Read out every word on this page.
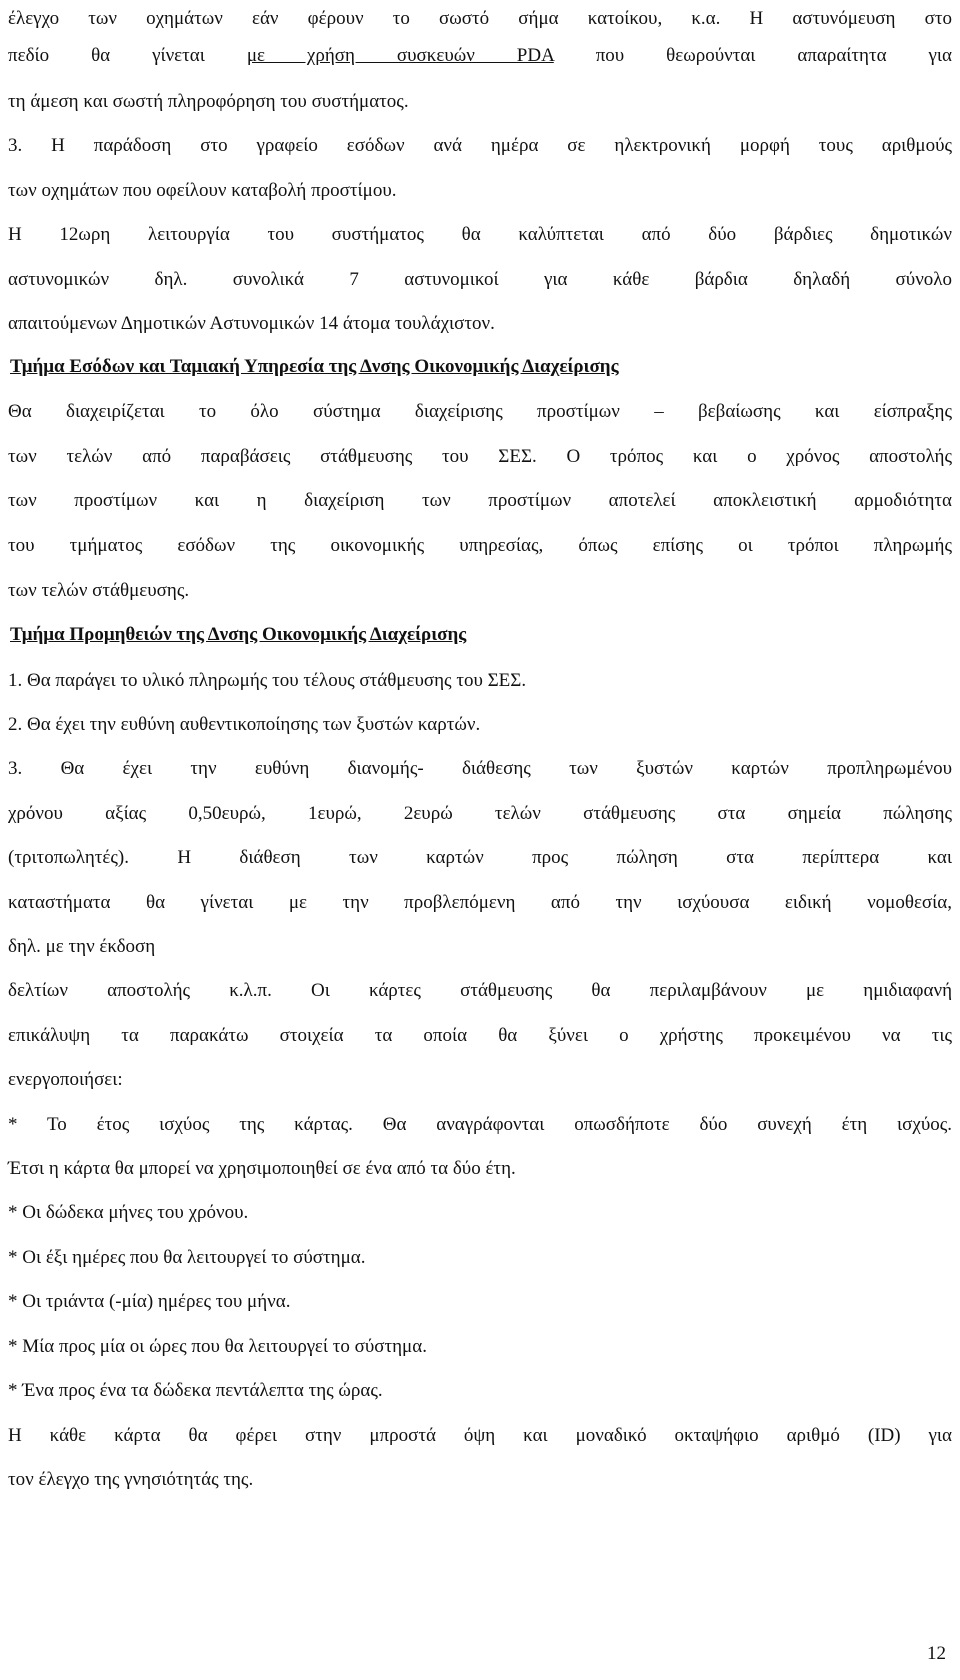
έλεγχο των οχημάτων εάν φέρουν το σωστό σήμα κατοίκου, κ.α. Η αστυνόμευση στο
πεδίο θα γίνεται με χρήση συσκευών PDA που θεωρούνται απαραίτητα για
τη άμεση και σωστή πληροφόρηση του συστήματος.
3. Η παράδοση στο γραφείο εσόδων ανά ημέρα σε ηλεκτρονική μορφή τους αριθμούς
των οχημάτων που οφείλουν καταβολή προστίμου.
Η 12ωρη λειτουργία του συστήματος θα καλύπτεται από δύο βάρδιες δημοτικών
αστυνομικών δηλ. συνολικά 7 αστυνομικοί για κάθε βάρδια δηλαδή σύνολο
απαιτούμενων Δημοτικών Αστυνομικών 14 άτομα τουλάχιστον.
Τμήμα Εσόδων και Ταμιακή Υπηρεσία της Δνσης Οικονομικής Διαχείρισης
Θα διαχειρίζεται το όλο σύστημα διαχείρισης προστίμων – βεβαίωσης και είσπραξης
των τελών από παραβάσεις στάθμευσης του ΣΕΣ. Ο τρόπος και ο χρόνος αποστολής
των προστίμων και η διαχείριση των προστίμων αποτελεί αποκλειστική αρμοδιότητα
του τμήματος εσόδων της οικονομικής υπηρεσίας, όπως επίσης οι τρόποι πληρωμής
των τελών στάθμευσης.
Τμήμα Προμηθειών της Δνσης Οικονομικής Διαχείρισης
1. Θα παράγει το υλικό πληρωμής του τέλους στάθμευσης του ΣΕΣ.
2. Θα έχει την ευθύνη αυθεντικοποίησης των ξυστών καρτών.
3. Θα έχει την ευθύνη διανομής- διάθεσης των ξυστών καρτών προπληρωμένου
χρόνου αξίας 0,50ευρώ, 1ευρώ, 2ευρώ τελών στάθμευσης στα σημεία πώλησης
(τριτοπωλητές). Η διάθεση των καρτών προς πώληση στα περίπτερα και
καταστήματα θα γίνεται με την προβλεπόμενη από την ισχύουσα ειδική νομοθεσία,
δηλ. με την έκδοση
δελτίων αποστολής κ.λ.π. Οι κάρτες στάθμευσης θα περιλαμβάνουν με ημιδιαφανή
επικάλυψη τα παρακάτω στοιχεία τα οποία θα ξύνει ο χρήστης προκειμένου να τις
ενεργοποιήσει:
* Το έτος ισχύος της κάρτας. Θα αναγράφονται οπωσδήποτε δύο συνεχή έτη ισχύος.
Έτσι η κάρτα θα μπορεί να χρησιμοποιηθεί σε ένα από τα δύο έτη.
* Οι δώδεκα μήνες του χρόνου.
* Οι έξι ημέρες που θα λειτουργεί το σύστημα.
* Οι τριάντα (-μία) ημέρες του μήνα.
* Μία προς μία οι ώρες που θα λειτουργεί το σύστημα.
* Ένα προς ένα τα δώδεκα πεντάλεπτα της ώρας.
Η κάθε κάρτα θα φέρει στην μπροστά όψη και μοναδικό οκταψήφιο αριθμό (ID) για
τον έλεγχο της γνησιότητάς της.
12
